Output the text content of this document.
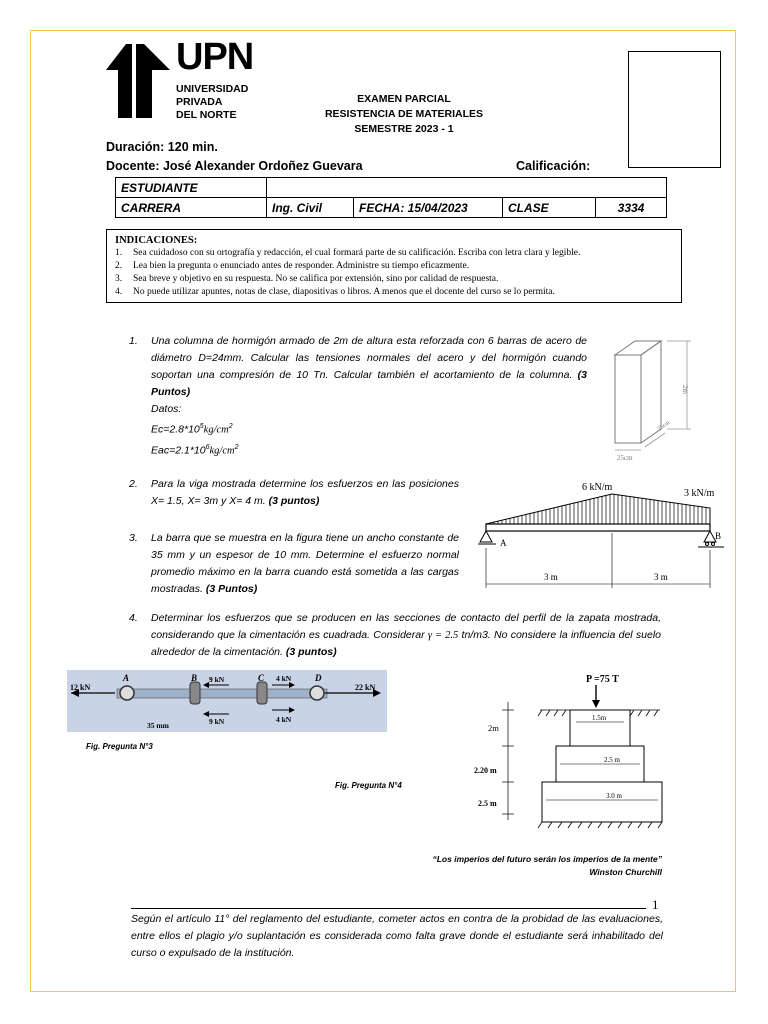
UPN
UNIVERSIDAD
PRIVADA
DEL NORTE
EXAMEN PARCIAL
RESISTENCIA DE MATERIALES
SEMESTRE 2023 - 1
Duración: 120 min.
Docente: José Alexander Ordoñez Guevara	Calificación:
ESTUDIANTE				
CARRERA	Ing. Civil	FECHA: 15/04/2023	CLASE	3334
INDICACIONES:
1. Sea cuidadoso con su ortografía y redacción, el cual formará parte de su calificación. Escriba con letra clara y legible.
2. Lea bien la pregunta o enunciado antes de responder. Administre su tiempo eficazmente.
3. Sea breve y objetivo en su respuesta. No se califica por extensión, sino por calidad de respuesta.
4. No puede utilizar apuntes, notas de clase, diapositivas o libros. A menos que el docente del curso se lo permita.
1. Una columna de hormigón armado de 2m de altura esta reforzada con 6 barras de acero de diámetro D=24mm. Calcular las tensiones normales del acero y del hormigón cuando soportan una compresión de 10 Tn. Calcular también el acortamiento de la columna. (3 Puntos)
Datos:
$Ec=2.8*10^5kg/cm^2$
$Eac=2.1*10^6kg/cm^2$
2m
25cm
25cm
2. Para la viga mostrada determine los esfuerzos en las posiciones X= 1.5, X= 3m y X= 4 m. (3 puntos)
6 kN/m
3 kN/m
A
B
3 m	3 m
3. La barra que se muestra en la figura tiene un ancho constante de 35 mm y un espesor de 10 mm. Determine el esfuerzo normal promedio máximo en la barra cuando está sometida a las cargas mostradas. (3 Puntos)
4. Determinar los esfuerzos que se producen en las secciones de contacto del perfil de la zapata mostrada, considerando que la cimentación es cuadrada. Considerar γ = 2.5 tn/m3. No considere la influencia del suelo alrededor de la cimentación. (3 puntos)
12 kN	22 kN
9 kN
9 kN
4 kN
4 kN
35 mm
A	B	C	D
Fig. Pregunta N°3
P =75 T
1.5m
2.5 m
3.0 m
2m
2.20 m
2.5 m
Fig. Pregunta N°4
“Los imperios del futuro serán los imperios de la mente”
Winston Churchill
1
Según el artículo 11° del reglamento del estudiante, cometer actos en contra de la probidad de las evaluaciones, entre ellos el plagio y/o suplantación es considerada como falta grave donde el estudiante será inhabilitado del curso o expulsado de la institución.
